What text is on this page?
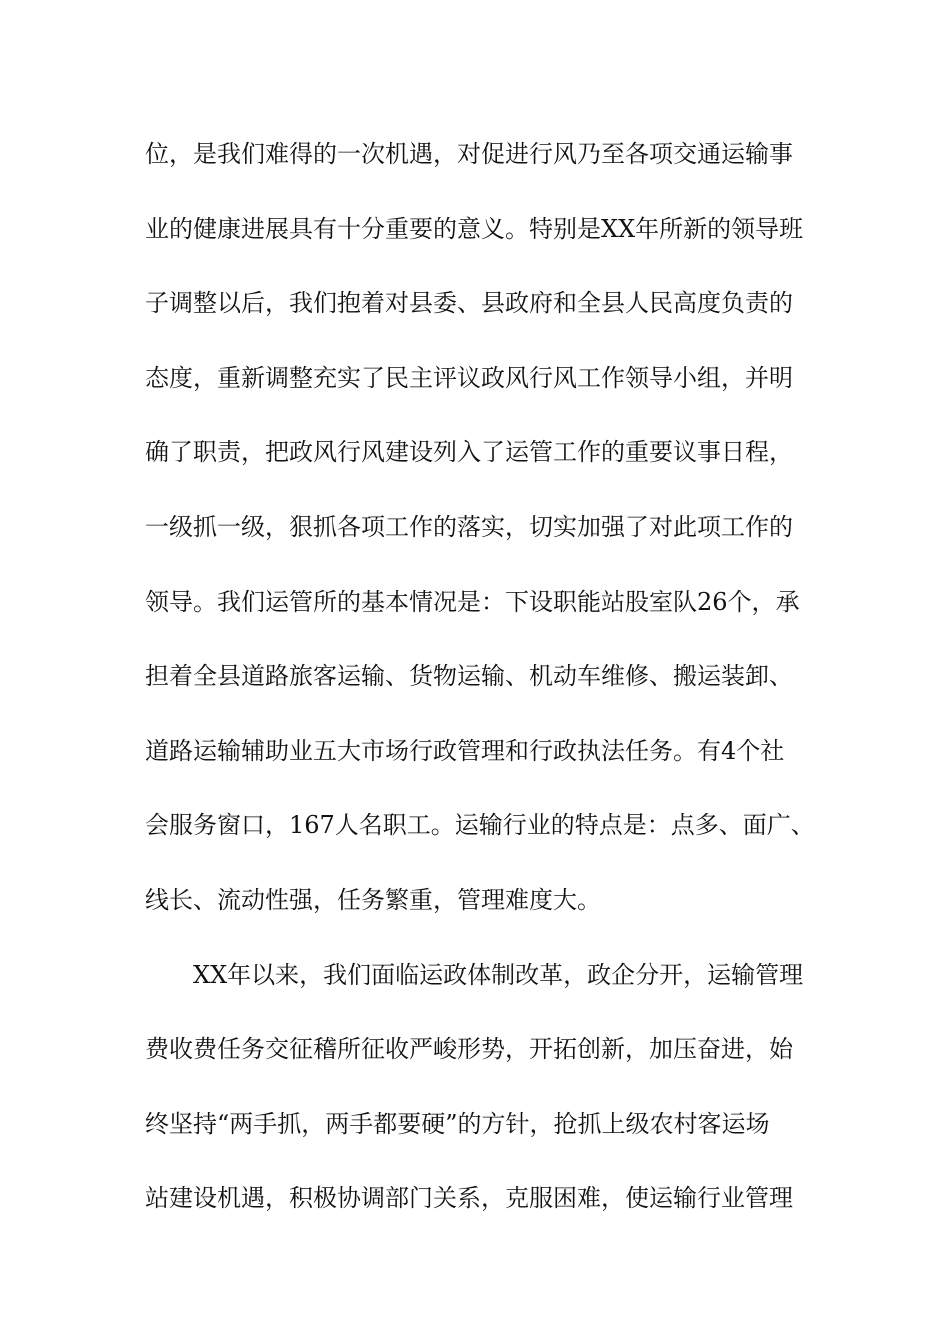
位，是我们难得的一次机遇，对促进行风乃至各项交通运输事
业的健康进展具有十分重要的意义。特别是XX年所新的领导班
子调整以后，我们抱着对县委、县政府和全县人民高度负责的
态度，重新调整充实了民主评议政风行风工作领导小组，并明
确了职责，把政风行风建设列入了运管工作的重要议事日程，
一级抓一级，狠抓各项工作的落实，切实加强了对此项工作的
领导。我们运管所的基本情况是：下设职能站股室队26个，承
担着全县道路旅客运输、货物运输、机动车维修、搬运装卸、
道路运输辅助业五大市场行政管理和行政执法任务。有4个社
会服务窗口，167人名职工。运输行业的特点是：点多、面广、
线长、流动性强，任务繁重，管理难度大。
XX年以来，我们面临运政体制改革，政企分开，运输管理
费收费任务交征稽所征收严峻形势，开拓创新，加压奋进，始
终坚持“两手抓，两手都要硬”的方针，抢抓上级农村客运场
站建设机遇，积极协调部门关系，克服困难，使运输行业管理
